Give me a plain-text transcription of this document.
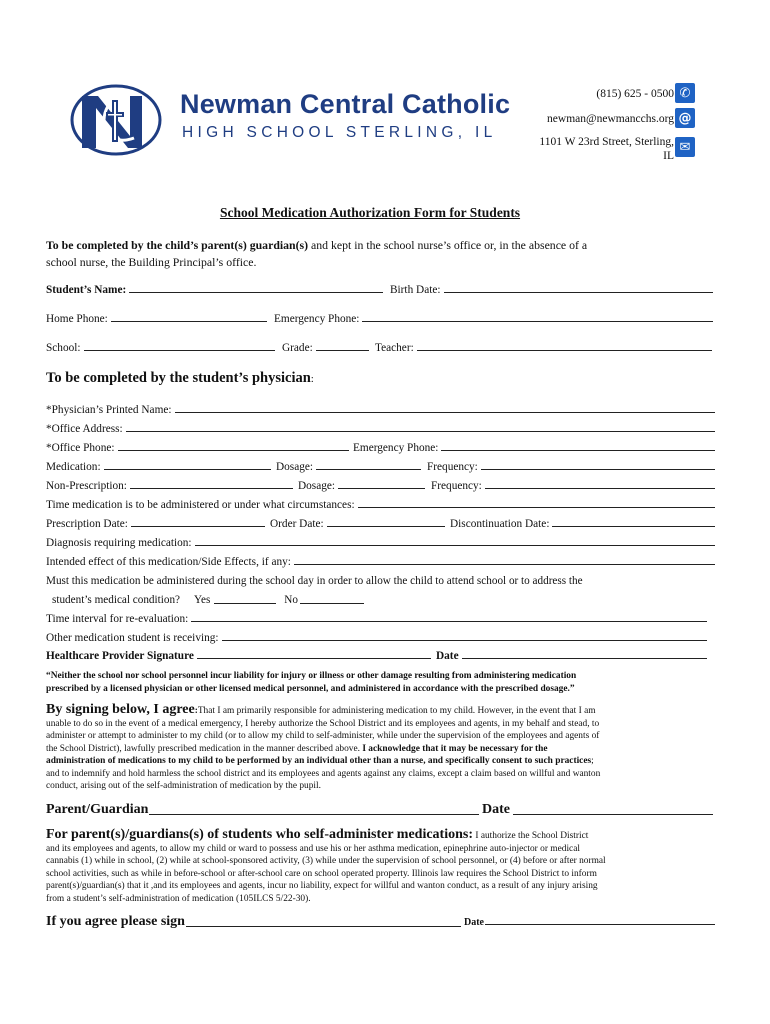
Newman Central Catholic
HIGH SCHOOL STERLING, IL
(815) 625 - 0500 ✆
newman@newmancchs.org @
1101 W 23rd Street, Sterling,
IL
✉
School Medication Authorization Form for Students
To be completed by the child’s parent(s) guardian(s) and kept in the school nurse’s office or, in the absence of a
school nurse, the Building Principal’s office.
Student’s Name:	Birth Date:
Home Phone:	Emergency Phone:
School:	Grade:	Teacher:
To be completed by the student’s physician:
*Physician’s Printed Name:
*Office Address:
*Office Phone:	Emergency Phone:
Medication:	Dosage:	Frequency:
Non-Prescription:	Dosage:	Frequency:
Time medication is to be administered or under what circumstances:
Prescription Date:	Order Date:	Discontinuation Date:
Diagnosis requiring medication:
Intended effect of this medication/Side Effects, if any:
Must this medication be administered during the school day in order to allow the child to attend school or to address the
student’s medical condition? Yes	No
Time interval for re-evaluation:
Other medication student is receiving:
Healthcare Provider Signature	Date
“Neither the school nor school personnel incur liability for injury or illness or other damage resulting from administering medication
prescribed by a licensed physician or other licensed medical personnel, and administered in accordance with the prescribed dosage.”
By signing below, I agree:That I am primarily responsible for administering medication to my child. However, in the event that I am
unable to do so in the event of a medical emergency, I hereby authorize the School District and its employees and agents, in my behalf and stead, to
administer or attempt to administer to my child (or to allow my child to self-administer, while under the supervision of the employees and agents of
the School District), lawfully prescribed medication in the manner described above. I acknowledge that it may be necessary for the
administration of medications to my child to be performed by an individual other than a nurse, and specifically consent to such practices;
and to indemnify and hold harmless the school district and its employees and agents against any claims, except a claim based on willful and wanton
conduct, arising out of the self-administration of medication by the pupil.
Parent/Guardian	Date
For parent(s)/guardians(s) of students who self-administer medications: I authorize the School District
and its employees and agents, to allow my child or ward to possess and use his or her asthma medication, epinephrine auto-injector or medical
cannabis (1) while in school, (2) while at school-sponsored activity, (3) while under the supervision of school personnel, or (4) before or after normal
school activities, such as while in before-school or after-school care on school operated property. Illinois law requires the School District to inform
parent(s)/guardian(s) that it ,and its employees and agents, incur no liability, expect for willful and wanton conduct, as a result of any injury arising
from a student’s self-administration of medication (105ILCS 5/22-30).
If you agree please sign	Date
